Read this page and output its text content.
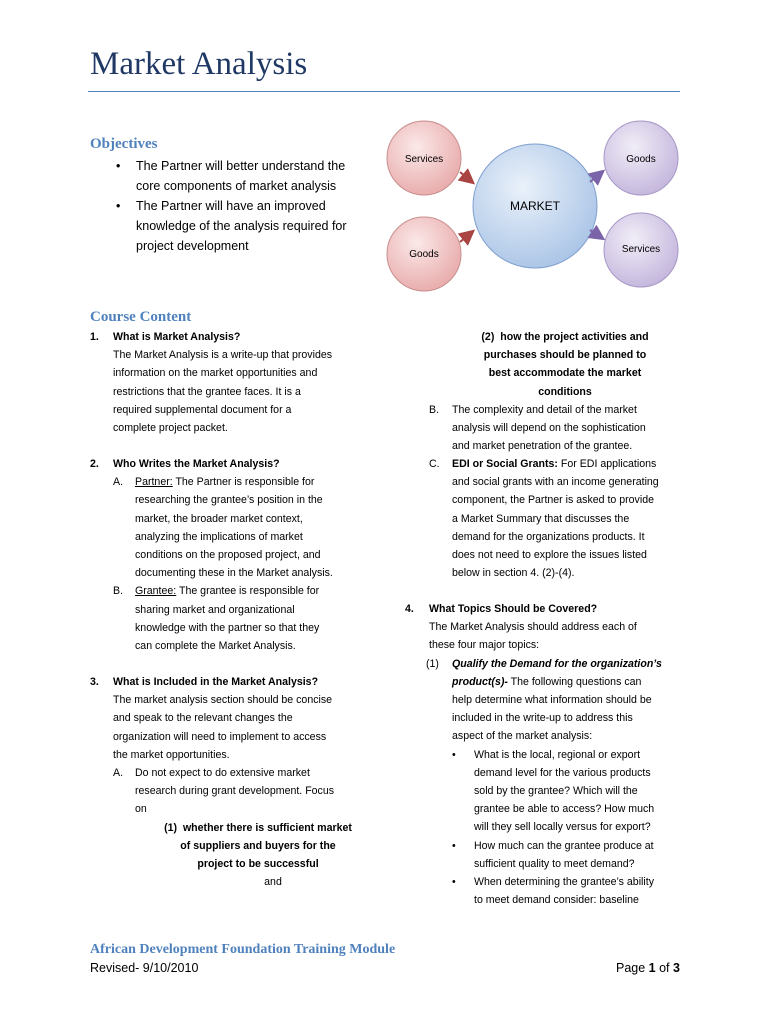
Market Analysis
Objectives
• The Partner will better understand the
core components of market analysis
• The Partner will have an improved
knowledge of the analysis required for
project development
Services
Goods
MARKET
Goods
Services
Course Content
1. What is Market Analysis?
The Market Analysis is a write-up that provides
information on the market opportunities and
restrictions that the grantee faces. It is a
required supplemental document for a
complete project packet.
2. Who Writes the Market Analysis?
A. Partner: The Partner is responsible for
researching the grantee’s position in the
market, the broader market context,
analyzing the implications of market
conditions on the proposed project, and
documenting these in the Market analysis.
B. Grantee: The grantee is responsible for
sharing market and organizational
knowledge with the partner so that they
can complete the Market Analysis.
3. What is Included in the Market Analysis?
The market analysis section should be concise
and speak to the relevant changes the
organization will need to implement to access
the market opportunities.
A. Do not expect to do extensive market
research during grant development. Focus
on
(1) whether there is sufficient market
of suppliers and buyers for the
project to be successful
and
(2) how the project activities and
purchases should be planned to
best accommodate the market
conditions
B. The complexity and detail of the market
analysis will depend on the sophistication
and market penetration of the grantee.
C. EDI or Social Grants: For EDI applications
and social grants with an income generating
component, the Partner is asked to provide
a Market Summary that discusses the
demand for the organizations products. It
does not need to explore the issues listed
below in section 4. (2)-(4).
4. What Topics Should be Covered?
The Market Analysis should address each of
these four major topics:
(1) Qualify the Demand for the organization’s
product(s)- The following questions can
help determine what information should be
included in the write-up to address this
aspect of the market analysis:
• What is the local, regional or export
demand level for the various products
sold by the grantee? Which will the
grantee be able to access? How much
will they sell locally versus for export?
• How much can the grantee produce at
sufficient quality to meet demand?
• When determining the grantee’s ability
to meet demand consider: baseline
African Development Foundation Training Module
Revised- 9/10/2010	Page 1 of 3
